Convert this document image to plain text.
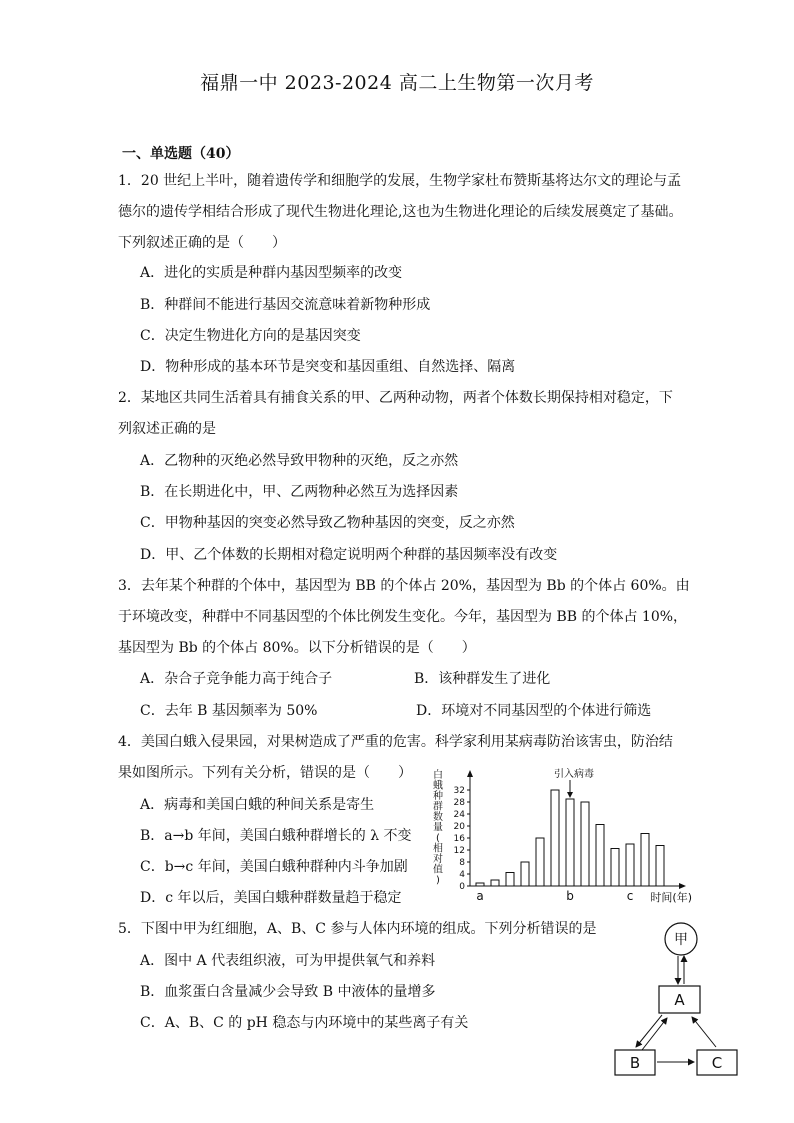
福鼎一中 2023-2024 高二上生物第一次月考
一、单选题（40）
1．20 世纪上半叶，随着遗传学和细胞学的发展，生物学家杜布赞斯基将达尔文的理论与孟
德尔的遗传学相结合形成了现代生物进化理论,这也为生物进化理论的后续发展奠定了基础。
下列叙述正确的是（　　）
A．进化的实质是种群内基因型频率的改变
B．种群间不能进行基因交流意味着新物种形成
C．决定生物进化方向的是基因突变
D．物种形成的基本环节是突变和基因重组、自然选择、隔离
2．某地区共同生活着具有捕食关系的甲、乙两种动物，两者个体数长期保持相对稳定，下
列叙述正确的是
A．乙物种的灭绝必然导致甲物种的灭绝，反之亦然
B．在长期进化中，甲、乙两物种必然互为选择因素
C．甲物种基因的突变必然导致乙物种基因的突变，反之亦然
D．甲、乙个体数的长期相对稳定说明两个种群的基因频率没有改变
3．去年某个种群的个体中，基因型为 BB 的个体占 20%，基因型为 Bb 的个体占 60%。由
于环境改变，种群中不同基因型的个体比例发生变化。今年，基因型为 BB 的个体占 10%，
基因型为 Bb 的个体占 80%。以下分析错误的是（　　）
A．杂合子竞争能力高于纯合子	B．该种群发生了进化
C．去年 B 基因频率为 50%	D．环境对不同基因型的个体进行筛选
4．美国白蛾入侵果园，对果树造成了严重的危害。科学家利用某病毒防治该害虫，防治结
果如图所示。下列有关分析，错误的是（　　）
A．病毒和美国白蛾的种间关系是寄生
B．a→b 年间，美国白蛾种群增长的 λ 不变
C．b→c 年间，美国白蛾种群种内斗争加剧
D．c 年以后，美国白蛾种群数量趋于稳定
5．下图中甲为红细胞，A、B、C 参与人体内环境的组成。下列分析错误的是
A．图中 A 代表组织液，可为甲提供氧气和养料
B．血浆蛋白含量减少会导致 B 中液体的量增多
C．A、B、C 的 pH 稳态与内环境中的某些离子有关
白
蛾
种
群
数
量
(
相
对
值
)
0
4
8
12
16
20
24
28
32
a	b	c
引入病毒
时间(年)
甲
A
B	C
